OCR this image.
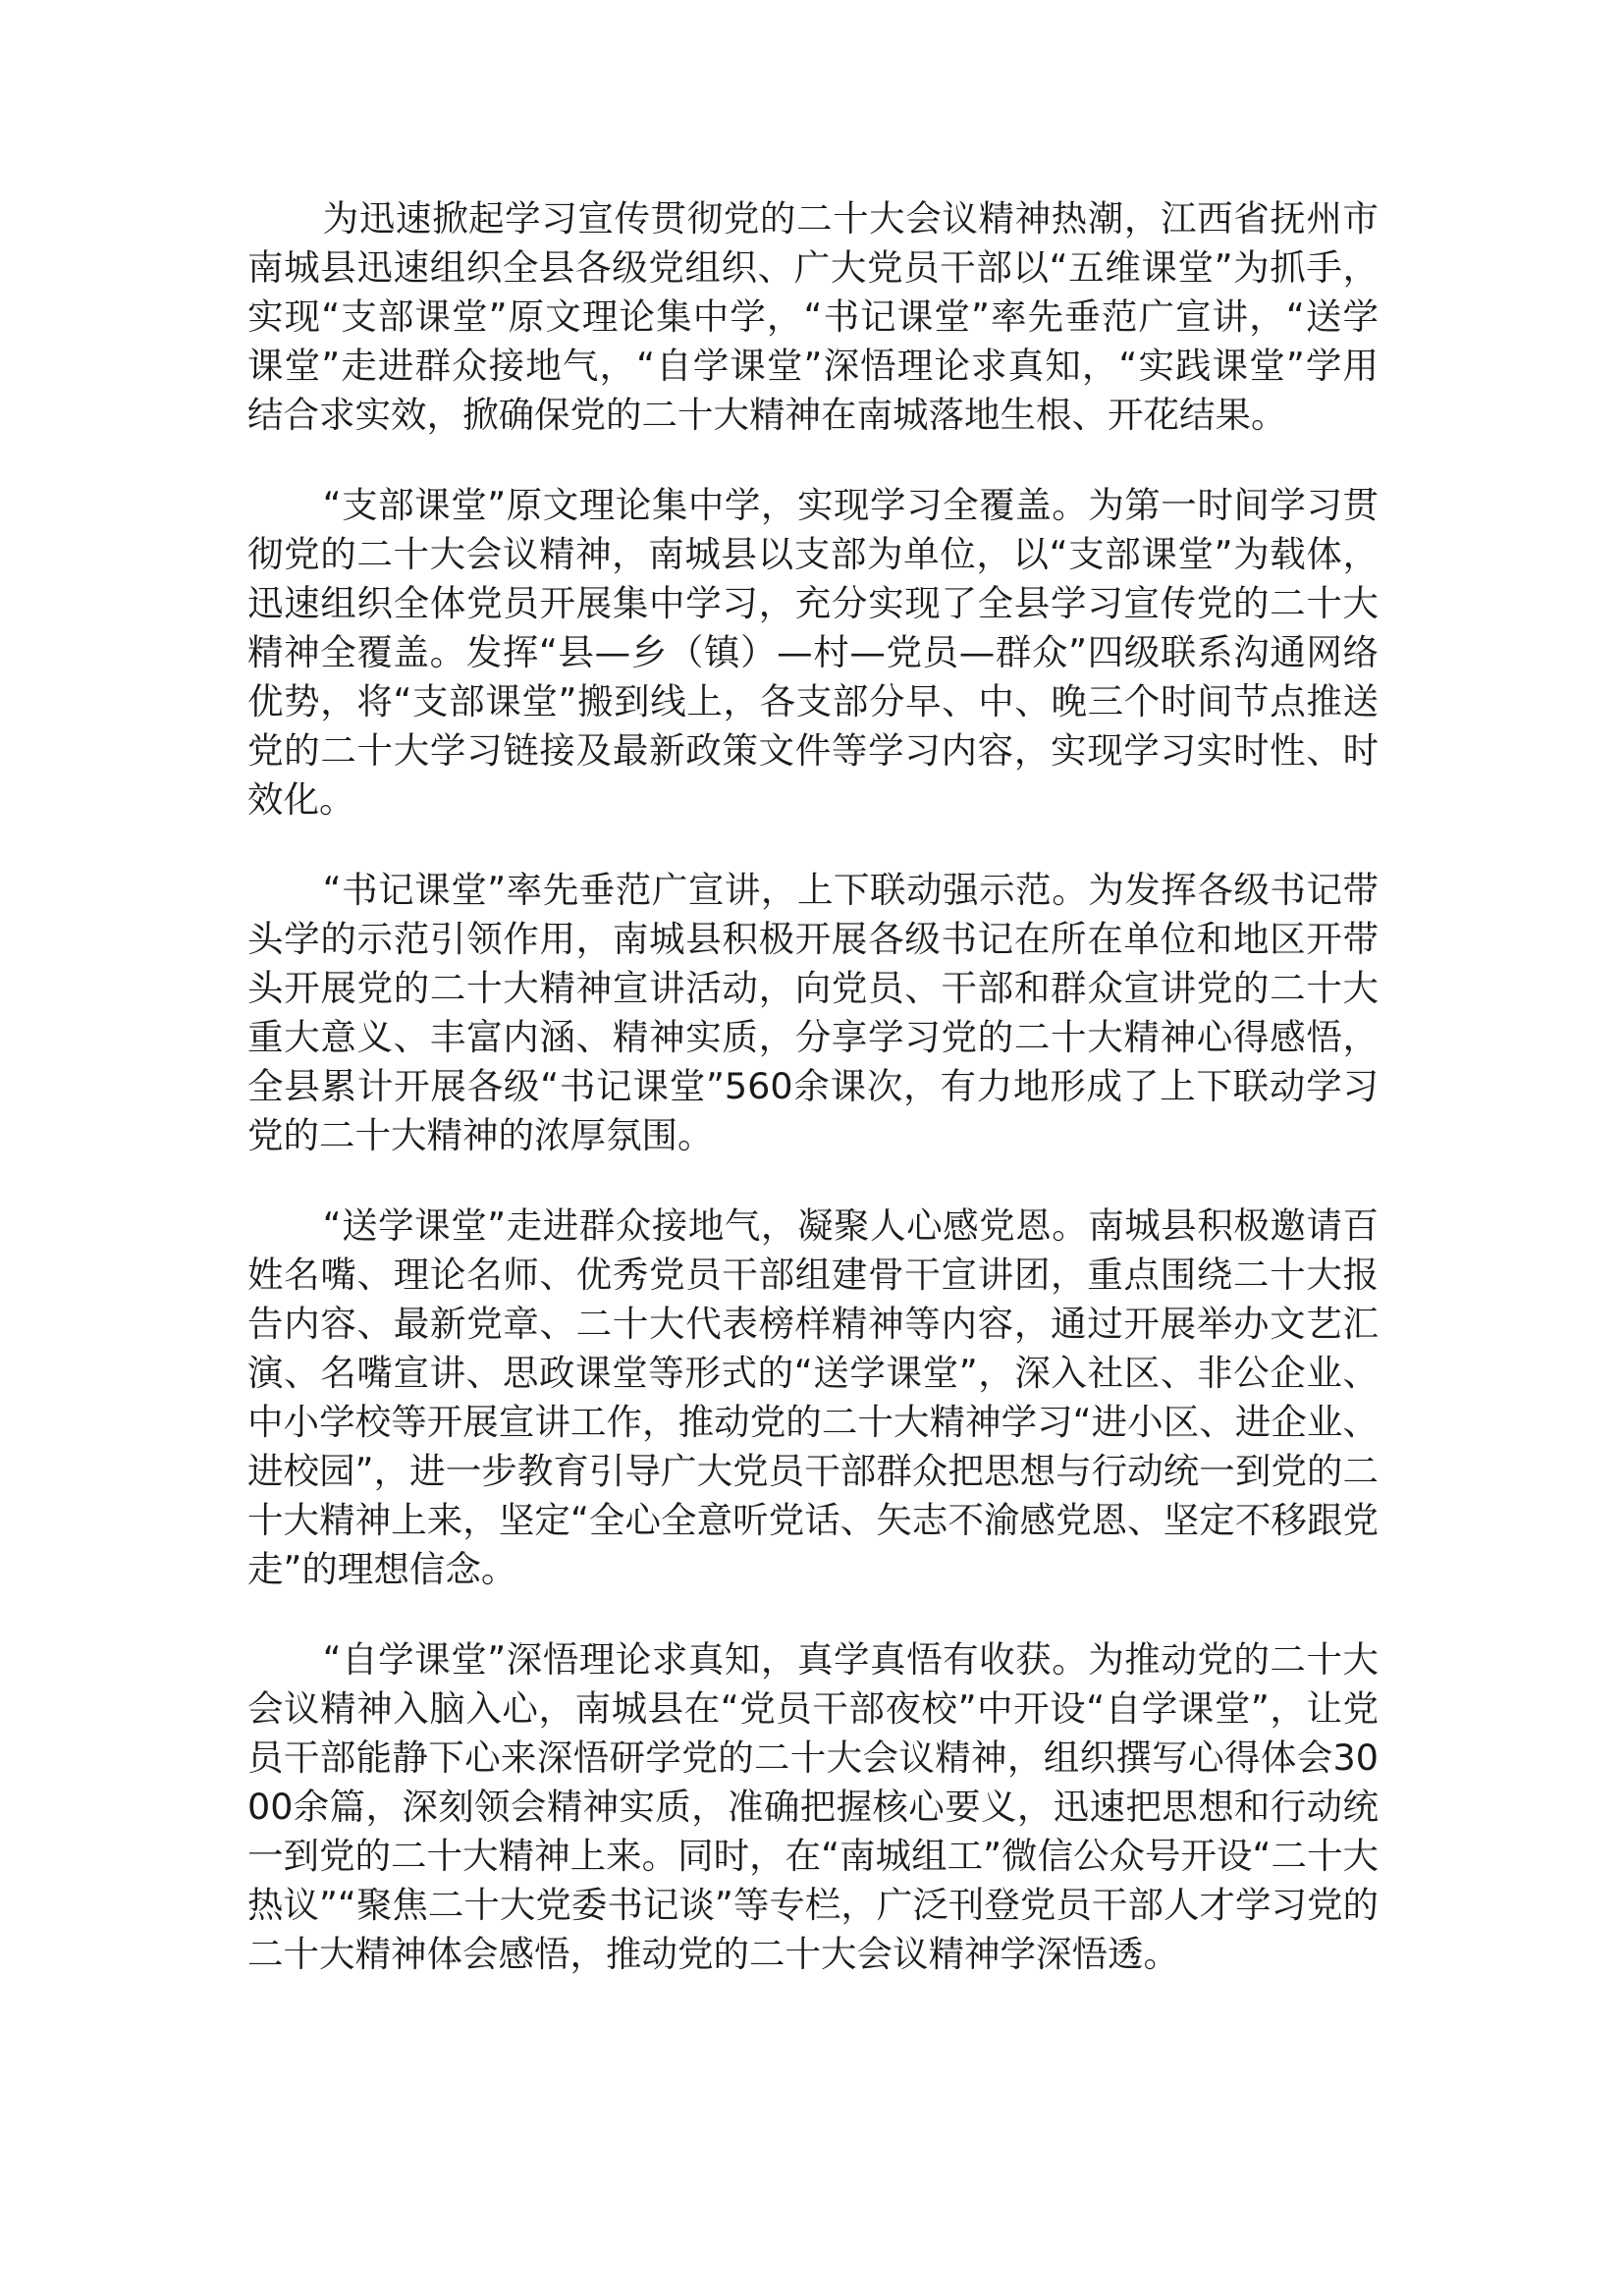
为迅速掀起学习宣传贯彻党的二十大会议精神热潮，江西省抚州市南城县迅速组织全县各级党组织、广大党员干部以“五维课堂”为抓手，实现“支部课堂”原文理论集中学，“书记课堂”率先垂范广宣讲，“送学课堂”走进群众接地气，“自学课堂”深悟理论求真知，“实践课堂”学用结合求实效，掀确保党的二十大精神在南城落地生根、开花结果。

“支部课堂”原文理论集中学，实现学习全覆盖。为第一时间学习贯彻党的二十大会议精神，南城县以支部为单位，以“支部课堂”为载体，迅速组织全体党员开展集中学习，充分实现了全县学习宣传党的二十大精神全覆盖。发挥“县—乡（镇）—村—党员—群众”四级联系沟通网络优势，将“支部课堂”搬到线上，各支部分早、中、晚三个时间节点推送党的二十大学习链接及最新政策文件等学习内容，实现学习实时性、时效化。

“书记课堂”率先垂范广宣讲，上下联动强示范。为发挥各级书记带头学的示范引领作用，南城县积极开展各级书记在所在单位和地区开带头开展党的二十大精神宣讲活动，向党员、干部和群众宣讲党的二十大重大意义、丰富内涵、精神实质，分享学习党的二十大精神心得感悟，全县累计开展各级“书记课堂”560余课次，有力地形成了上下联动学习党的二十大精神的浓厚氛围。

“送学课堂”走进群众接地气，凝聚人心感党恩。南城县积极邀请百姓名嘴、理论名师、优秀党员干部组建骨干宣讲团，重点围绕二十大报告内容、最新党章、二十大代表榜样精神等内容，通过开展举办文艺汇演、名嘴宣讲、思政课堂等形式的“送学课堂”，深入社区、非公企业、中小学校等开展宣讲工作，推动党的二十大精神学习“进小区、进企业、进校园”，进一步教育引导广大党员干部群众把思想与行动统一到党的二十大精神上来，坚定“全心全意听党话、矢志不渝感党恩、坚定不移跟党走”的理想信念。

“自学课堂”深悟理论求真知，真学真悟有收获。为推动党的二十大会议精神入脑入心，南城县在“党员干部夜校”中开设“自学课堂”，让党员干部能静下心来深悟研学党的二十大会议精神，组织撰写心得体会3000余篇，深刻领会精神实质，准确把握核心要义，迅速把思想和行动统一到党的二十大精神上来。同时，在“南城组工”微信公众号开设“二十大热议”“聚焦二十大党委书记谈”等专栏，广泛刊登党员干部人才学习党的二十大精神体会感悟，推动党的二十大会议精神学深悟透。
